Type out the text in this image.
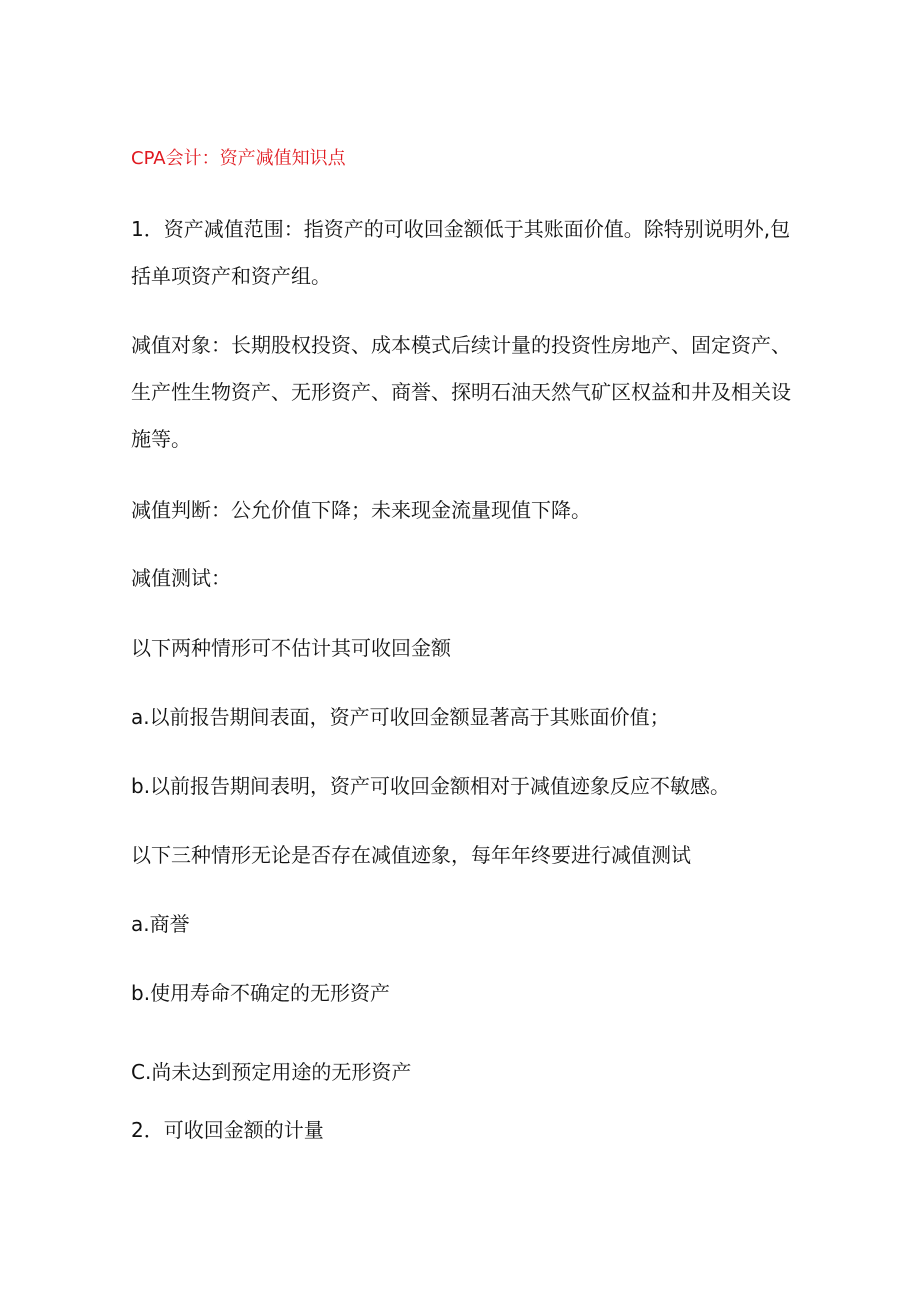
CPA会计：资产减值知识点
1．资产减值范围：指资产的可收回金额低于其账面价值。除特别说明外,包括单项资产和资产组。
减值对象：长期股权投资、成本模式后续计量的投资性房地产、固定资产、生产性生物资产、无形资产、商誉、探明石油天然气矿区权益和井及相关设施等。
减值判断：公允价值下降；未来现金流量现值下降。
减值测试：
以下两种情形可不估计其可收回金额
a.以前报告期间表面，资产可收回金额显著高于其账面价值；
b.以前报告期间表明，资产可收回金额相对于减值迹象反应不敏感。
以下三种情形无论是否存在减值迹象，每年年终要进行减值测试
a.商誉
b.使用寿命不确定的无形资产
C.尚未达到预定用途的无形资产
2．可收回金额的计量
